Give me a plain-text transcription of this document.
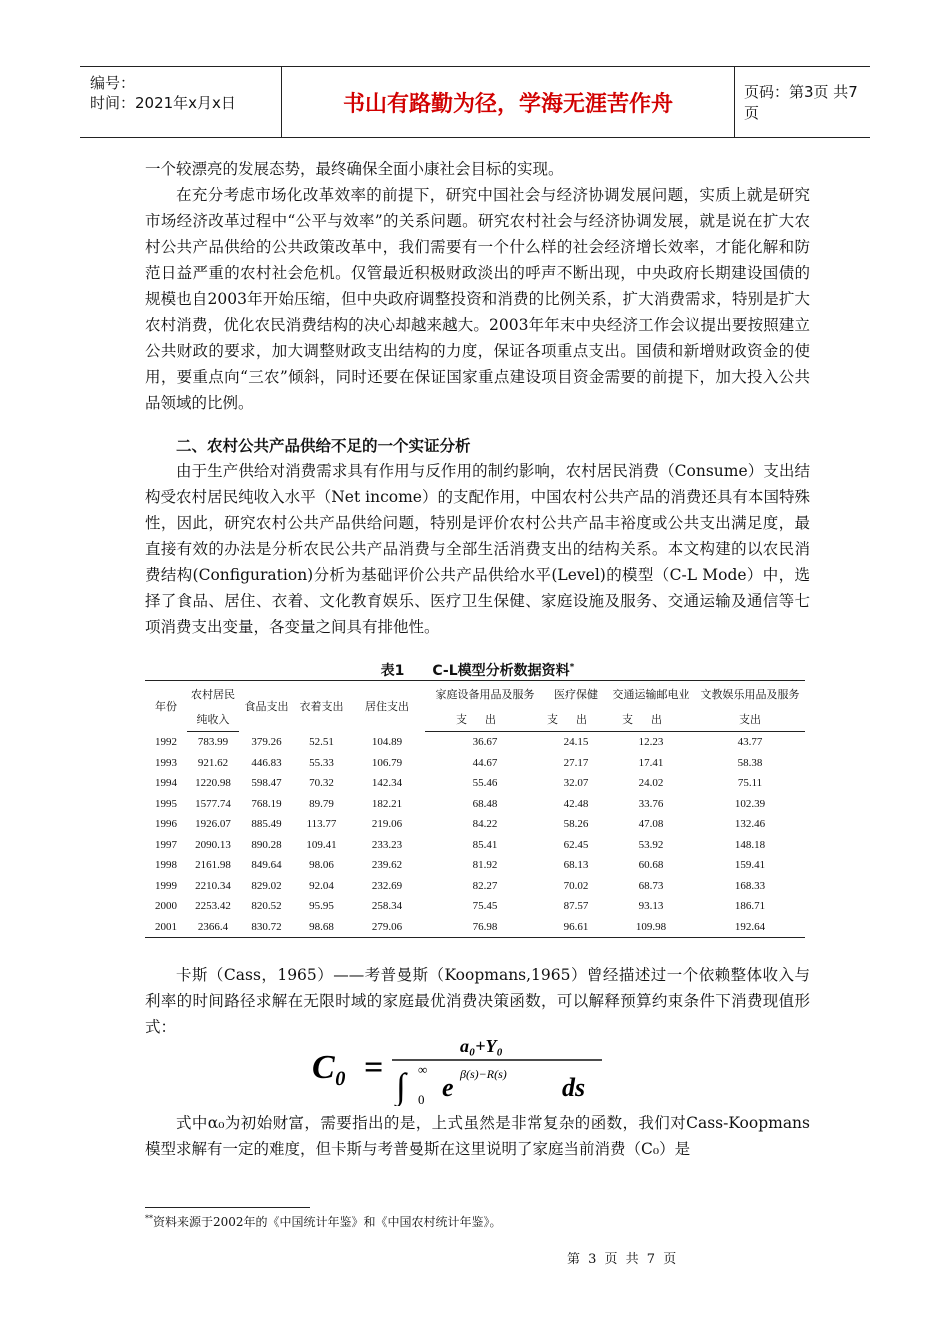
编号：
时间：2021年x月x日	书山有路勤为径，学海无涯苦作舟	页码：第3页 共7页
一个较漂亮的发展态势，最终确保全面小康社会目标的实现。
在充分考虑市场化改革效率的前提下，研究中国社会与经济协调发展问题，实质上就是研究市场经济改革过程中“公平与效率”的关系问题。研究农村社会与经济协调发展，就是说在扩大农村公共产品供给的公共政策改革中，我们需要有一个什么样的社会经济增长效率，才能化解和防范日益严重的农村社会危机。仅管最近积极财政淡出的呼声不断出现，中央政府长期建设国债的规模也自2003年开始压缩，但中央政府调整投资和消费的比例关系，扩大消费需求，特别是扩大农村消费，优化农民消费结构的决心却越来越大。2003年年末中央经济工作会议提出要按照建立公共财政的要求，加大调整财政支出结构的力度，保证各项重点支出。国债和新增财政资金的使用，要重点向“三农”倾斜，同时还要在保证国家重点建设项目资金需要的前提下，加大投入公共品领域的比例。
二、农村公共产品供给不足的一个实证分析
由于生产供给对消费需求具有作用与反作用的制约影响，农村居民消费（Consume）支出结构受农村居民纯收入水平（Net income）的支配作用，中国农村公共产品的消费还具有本国特殊性，因此，研究农村公共产品供给问题，特别是评价农村公共产品丰裕度或公共支出满足度，最直接有效的办法是分析农民公共产品消费与全部生活消费支出的结构关系。本文构建的以农民消费结构(Configuration)分析为基础评价公共产品供给水平(Level)的模型（C-L Mode）中，选择了食品、居住、衣着、文化教育娱乐、医疗卫生保健、家庭设施及服务、交通运输及通信等七项消费支出变量，各变量之间具有排他性。
表1　　C-L模型分析数据资料*
年份	农村居民	食品支出	衣着支出	居住支出	家庭设备用品及服务	医疗保健	交通运输邮电业	文教娱乐用品及服务
	纯收入				支出	支出	支出	支出
1992	783.99	379.26	52.51	104.89	36.67	24.15	12.23	43.77
1993	921.62	446.83	55.33	106.79	44.67	27.17	17.41	58.38
1994	1220.98	598.47	70.32	142.34	55.46	32.07	24.02	75.11
1995	1577.74	768.19	89.79	182.21	68.48	42.48	33.76	102.39
1996	1926.07	885.49	113.77	219.06	84.22	58.26	47.08	132.46
1997	2090.13	890.28	109.41	233.23	85.41	62.45	53.92	148.18
1998	2161.98	849.64	98.06	239.62	81.92	68.13	60.68	159.41
1999	2210.34	829.02	92.04	232.69	82.27	70.02	68.73	168.33
2000	2253.42	820.52	95.95	258.34	75.45	87.57	93.13	186.71
2001	2366.4	830.72	98.68	279.06	76.98	96.61	109.98	192.64
卡斯（Cass，1965）——考普曼斯（Koopmans,1965）曾经描述过一个依赖整体收入与利率的时间路径求解在无限时域的家庭最优消费决策函数，可以解释预算约束条件下消费现值形式：
C₀ =
a₀+Y₀
∫ ∞
0 e β(s)−R(s) ds
式中α₀为初始财富，需要指出的是，上式虽然是非常复杂的函数，我们对Cass-Koopmans模型求解有一定的难度，但卡斯与考普曼斯在这里说明了家庭当前消费（C₀）是
**资料来源于2002年的《中国统计年鉴》和《中国农村统计年鉴》。
第 3 页 共 7 页
